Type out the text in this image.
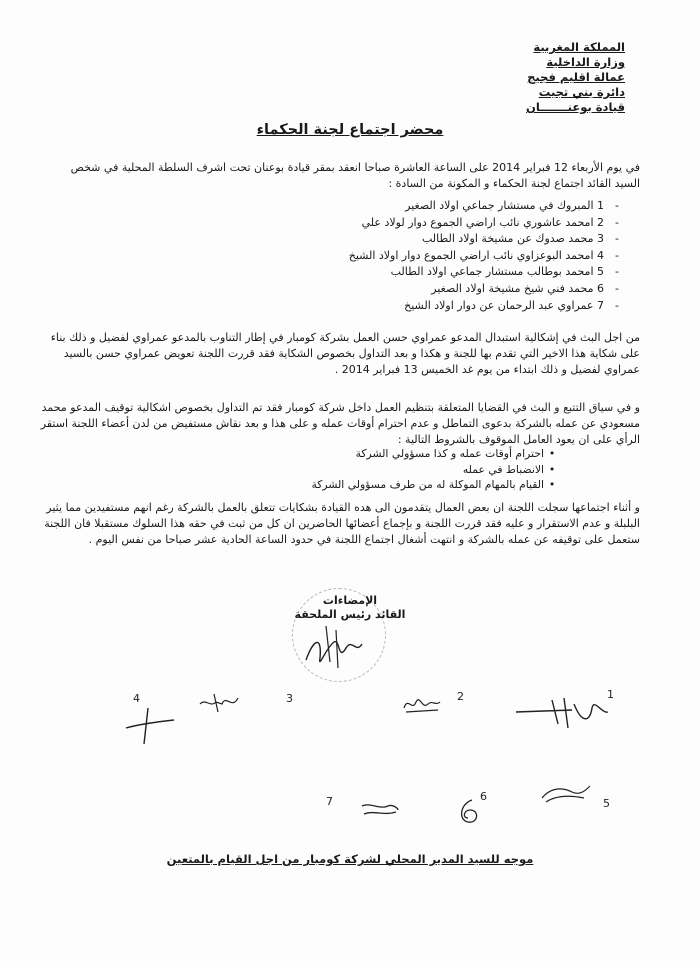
المملكة المغربية
وزارة الداخلية
عمالة اقليم فجيج
دائرة بني تجيت
قيادة بوعنـــــــان
محضر اجتماع لجنة الحكماء
في يوم الأربعاء 12 فبراير 2014 على الساعة العاشرة صباحا انعقد بمقر قيادة بوعنان تحت اشرف السلطة المحلية في شخص السيد القائد اجتماع لجنة الحكماء و المكونة من السادة :
-1 المبروك في مستشار جماعي اولاد الصغير
-2 امحمد عاشوري نائب اراضي الجموع دوار لولاد علي
-3 محمد صدوك عن مشيخة اولاد الطالب
-4 امحمد البوعزاوي نائب اراضي الجموع دوار اولاد الشيخ
-5 امحمد بوطالب مستشار جماعي اولاد الطالب
-6 محمد فني شيخ مشيخة اولاد الصغير
-7 عمراوي عبد الرحمان عن دوار اولاد الشيخ
من اجل البث في إشكالية استبدال المدعو عمراوي حسن العمل بشركة كومبار في إطار التناوب بالمدعو عمراوي لفضيل و ذلك بناء على شكاية هذا الاخير التي تقدم بها للجنة و هكذا و بعد التداول بخصوص الشكاية فقد قررت اللجنة تعويض عمراوي حسن بالسيد عمراوي لفضيل و ذلك ابتداء من يوم غد الخميس 13 فبراير 2014 .
و في سياق التتبع و البث في القضايا المتعلقة بتنظيم العمل داخل شركة كومبار فقد تم التداول بخصوص اشكالية توقيف المدعو محمد مسعودي عن عمله بالشركة بدعوى التماطل و عدم احترام أوقات عمله و على هذا و بعد نقاش مستفيض من لدن أعضاء اللجنة استقر الرأي على ان يعود العامل الموقوف بالشروط التالية :
• احترام أوقات عمله و كذا مسؤولي الشركة
• الانضباط في عمله
• القيام بالمهام الموكلة له من طرف مسؤولي الشركة
و أثناء اجتماعها سجلت اللجنة ان بعض العمال يتقدمون الى هده القيادة بشكايات تتعلق بالعمل بالشركة رغم انهم مستفيدين مما يثير البلبلة و عدم الاستقرار و عليه فقد قررت اللجنة و بإجماع أعضائها الحاضرين ان كل من ثبت في حقه هذا السلوك مستقبلا فان اللجنة ستعمل على توقيفه عن عمله بالشركة و انتهت أشغال اجتماع اللجنة في حدود الساعة الحادية عشر صباحا من نفس اليوم .
الإمضاءات
القائد رئيس الملحقة
1
2
3
4
5
6
7
موجه للسيد المدير المحلي لشركة كومبار من اجل القيام بالمتعين
